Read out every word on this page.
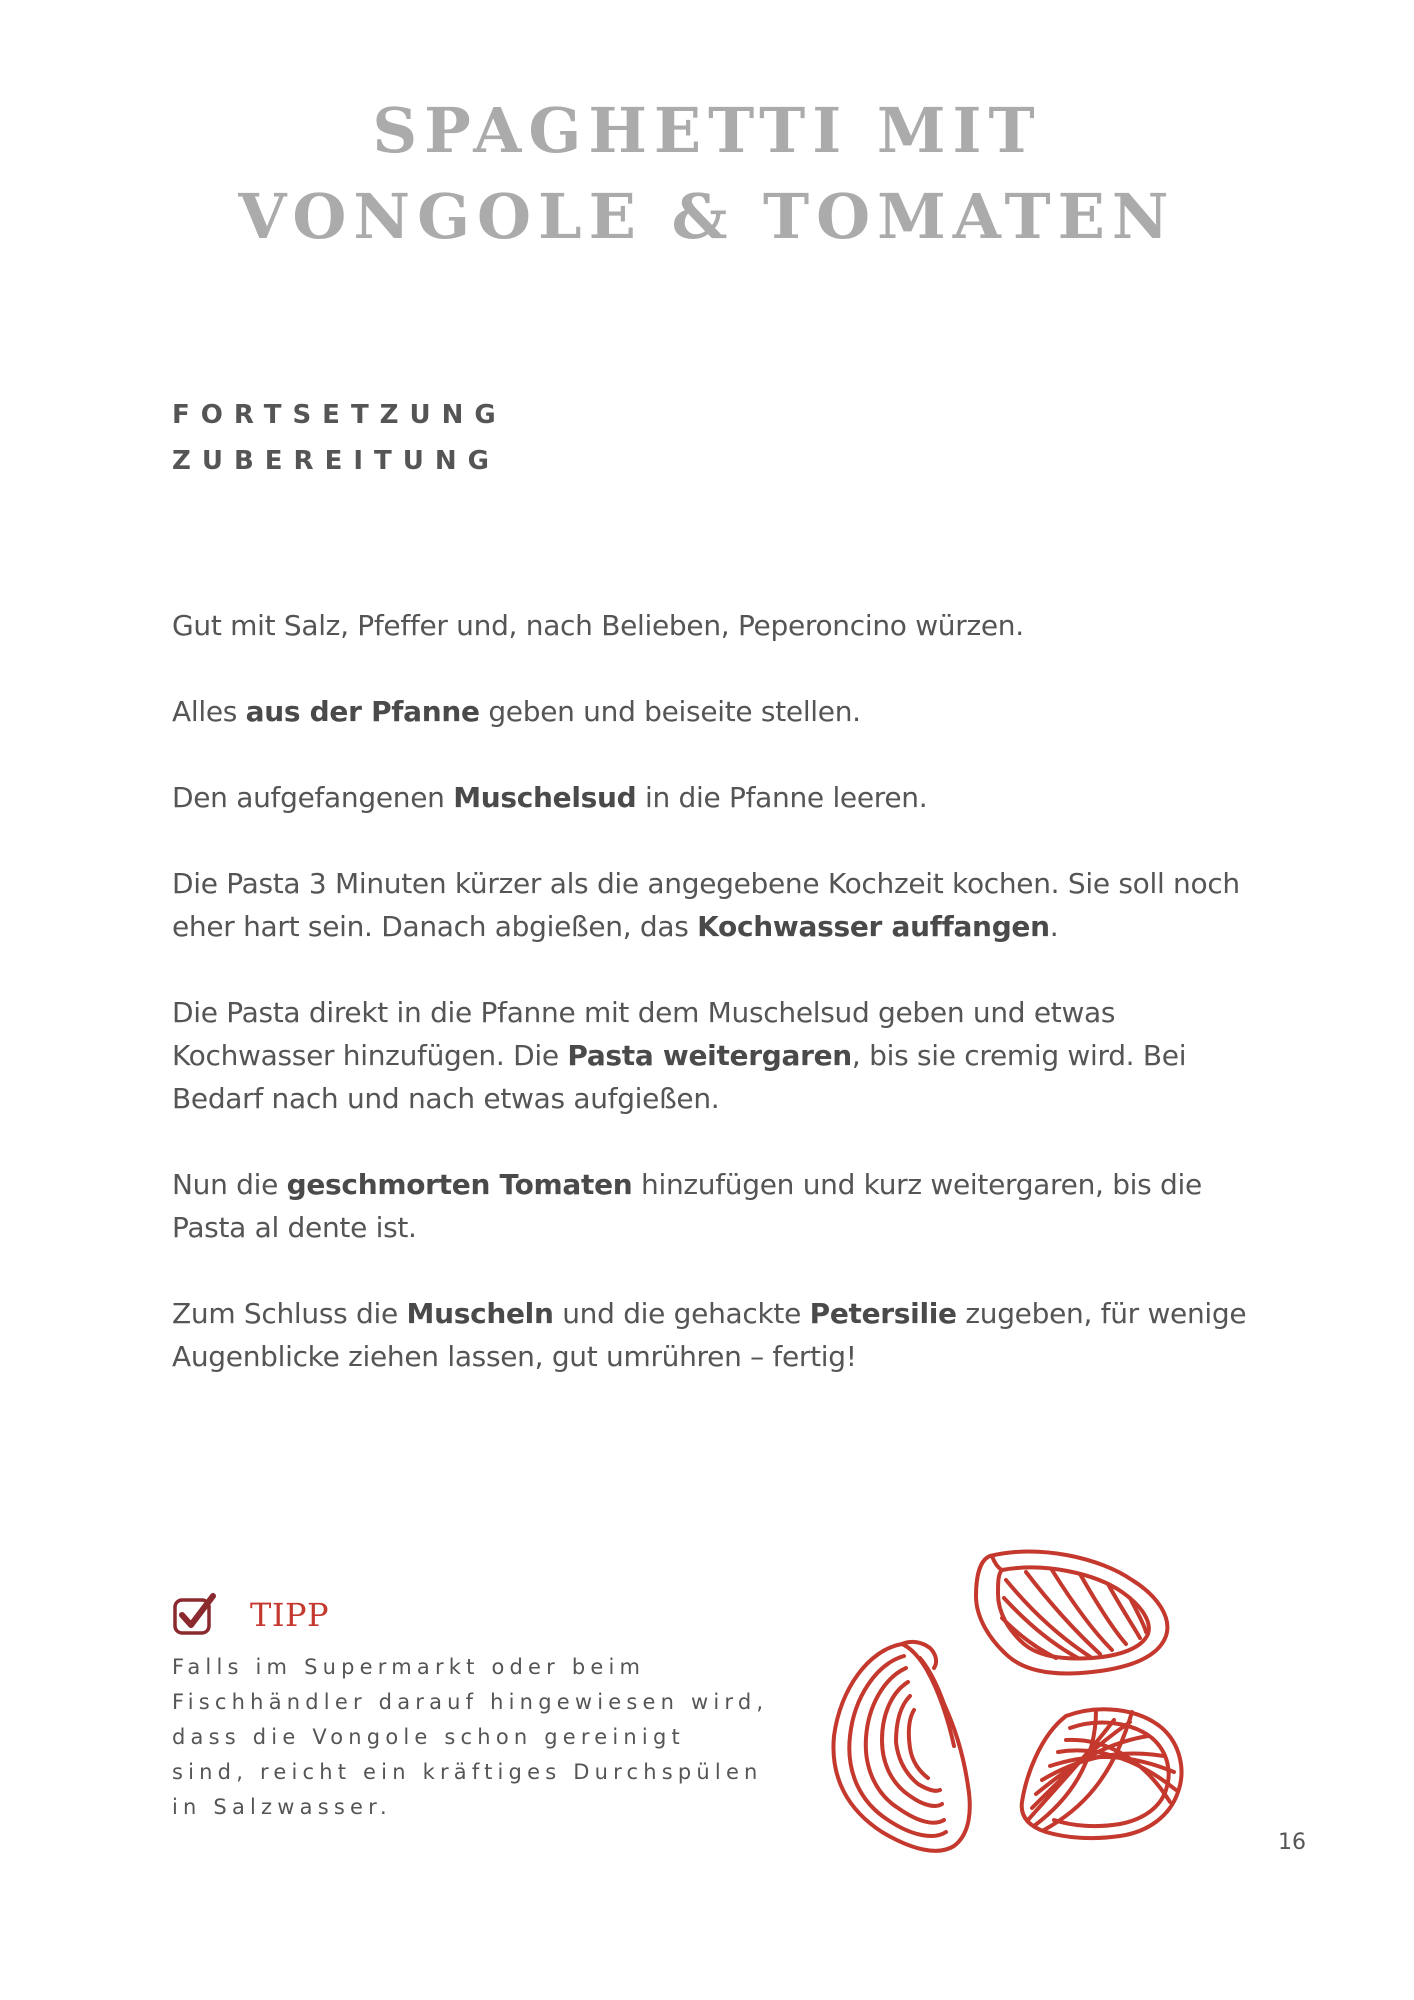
SPAGHETTI MIT
VONGOLE & TOMATEN
FORTSETZUNG
ZUBEREITUNG

Gut mit Salz, Pfeffer und, nach Belieben, Peperoncino würzen.

Alles aus der Pfanne geben und beiseite stellen.

Den aufgefangenen Muschelsud in die Pfanne leeren.

Die Pasta 3 Minuten kürzer als die angegebene Kochzeit kochen. Sie soll noch eher hart sein. Danach abgießen, das Kochwasser auffangen.

Die Pasta direkt in die Pfanne mit dem Muschelsud geben und etwas Kochwasser hinzufügen. Die Pasta weitergaren, bis sie cremig wird. Bei Bedarf nach und nach etwas aufgießen.

Nun die geschmorten Tomaten hinzufügen und kurz weitergaren, bis die Pasta al dente ist.

Zum Schluss die Muscheln und die gehackte Petersilie zugeben, für wenige Augenblicke ziehen lassen, gut umrühren – fertig!

TIPP

Falls im Supermarkt oder beim Fischhändler darauf hingewiesen wird, dass die Vongole schon gereinigt sind, reicht ein kräftiges Durchspülen in Salzwasser.

16
